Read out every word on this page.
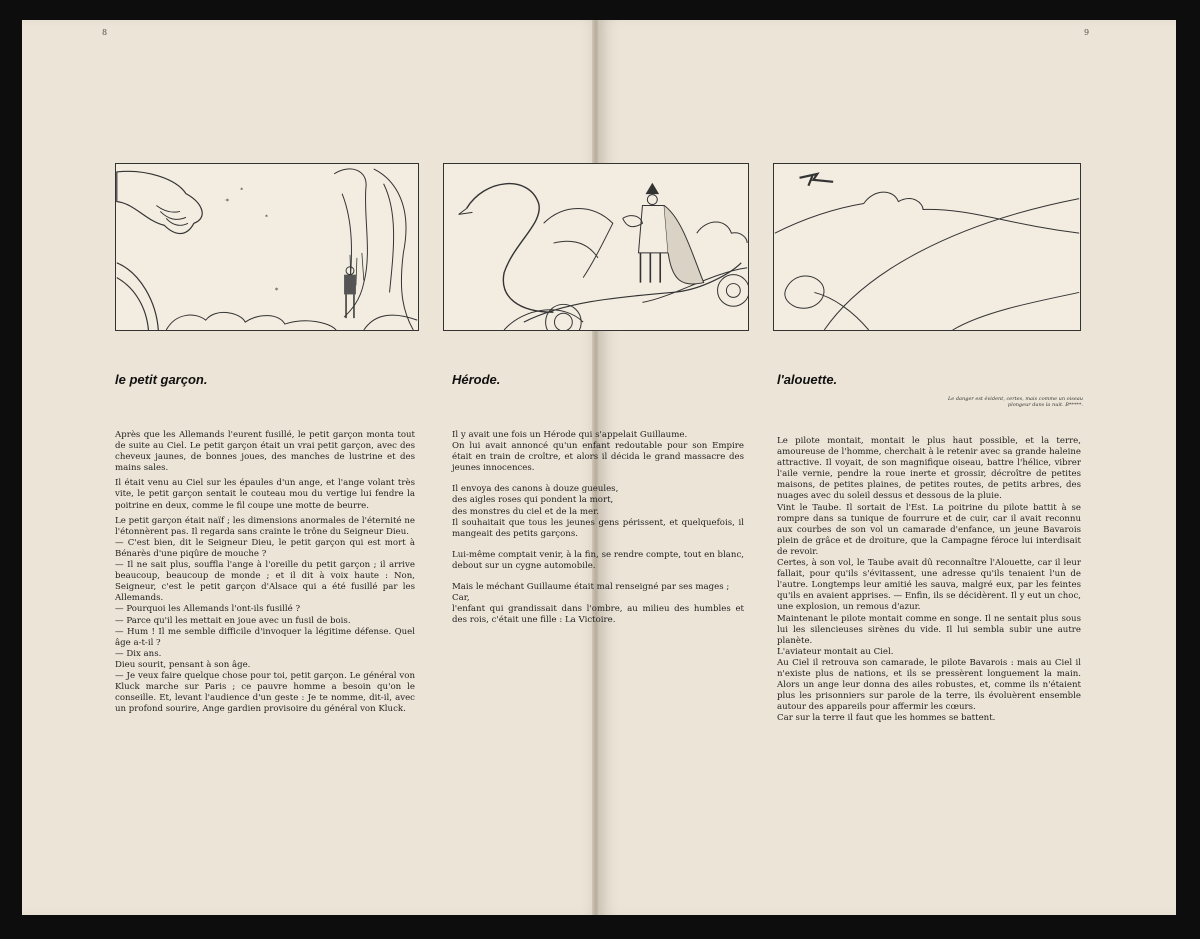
8	9
*
*
*
*
le petit garçon.	Hérode.	l'alouette.
Le danger est évident, certes, mais comme un oiseau plongeur dans la nuit. B*****.

Après que les Allemands l'eurent fusillé, le petit garçon monta tout de suite au Ciel. Le petit garçon était un vrai petit garçon, avec des cheveux jaunes, de bonnes joues, des manches de lustrine et des mains sales.

Il était venu au Ciel sur les épaules d'un ange, et l'ange volant très vite, le petit garçon sentait le couteau mou du vertige lui fendre la poitrine en deux, comme le fil coupe une motte de beurre.

Le petit garçon était naïf ; les dimensions anormales de l'éternité ne l'étonnèrent pas. Il regarda sans crainte le trône du Seigneur Dieu.

— C'est bien, dit le Seigneur Dieu, le petit garçon qui est mort à Bénarès d'une piqûre de mouche ?

— Il ne sait plus, souffla l'ange à l'oreille du petit garçon ; il arrive beaucoup, beaucoup de monde ; et il dit à voix haute : Non, Seigneur, c'est le petit garçon d'Alsace qui a été fusillé par les Allemands.

— Pourquoi les Allemands l'ont-ils fusillé ?

— Parce qu'il les mettait en joue avec un fusil de bois.

— Hum ! Il me semble difficile d'invoquer la légitime défense. Quel âge a-t-il ?

— Dix ans.

Dieu sourit, pensant à son âge.

— Je veux faire quelque chose pour toi, petit garçon. Le général von Kluck marche sur Paris ; ce pauvre homme a besoin qu'on le conseille. Et, levant l'audience d'un geste : Je te nomme, dit-il, avec un profond sourire, Ange gardien provisoire du général von Kluck.

Il y avait une fois un Hérode qui s'appelait Guillaume.

On lui avait annoncé qu'un enfant redoutable pour son Empire était en train de croître, et alors il décida le grand massacre des jeunes innocences.

Il envoya des canons à douze gueules,

des aigles roses qui pondent la mort,

des monstres du ciel et de la mer.

Il souhaitait que tous les jeunes gens périssent, et quelquefois, il mangeait des petits garçons.

Lui-même comptait venir, à la fin, se rendre compte, tout en blanc, debout sur un cygne automobile.

Mais le méchant Guillaume était mal renseigné par ses mages ;

Car,

l'enfant qui grandissait dans l'ombre, au milieu des humbles et des rois, c'était une fille : La Victoire.

Le pilote montait, montait le plus haut possible, et la terre, amoureuse de l'homme, cherchait à le retenir avec sa grande haleine attractive. Il voyait, de son magnifique oiseau, battre l'hélice, vibrer l'aile vernie, pendre la roue inerte et grossir, décroître de petites maisons, de petites plaines, de petites routes, de petits arbres, des nuages avec du soleil dessus et dessous de la pluie.

Vint le Taube. Il sortait de l'Est. La poitrine du pilote battit à se rompre dans sa tunique de fourrure et de cuir, car il avait reconnu aux courbes de son vol un camarade d'enfance, un jeune Bavarois plein de grâce et de droiture, que la Campagne féroce lui interdisait de revoir.

Certes, à son vol, le Taube avait dû reconnaître l'Alouette, car il leur fallait, pour qu'ils s'évitassent, une adresse qu'ils tenaient l'un de l'autre. Longtemps leur amitié les sauva, malgré eux, par les feintes qu'ils en avaient apprises. — Enfin, ils se décidèrent. Il y eut un choc, une explosion, un remous d'azur.

Maintenant le pilote montait comme en songe. Il ne sentait plus sous lui les silencieuses sirènes du vide. Il lui sembla subir une autre planète.

L'aviateur montait au Ciel.

Au Ciel il retrouva son camarade, le pilote Bavarois : mais au Ciel il n'existe plus de nations, et ils se pressèrent longuement la main. Alors un ange leur donna des ailes robustes, et, comme ils n'étaient plus les prisonniers sur parole de la terre, ils évoluèrent ensemble autour des appareils pour affermir les cœurs.

Car sur la terre il faut que les hommes se battent.
